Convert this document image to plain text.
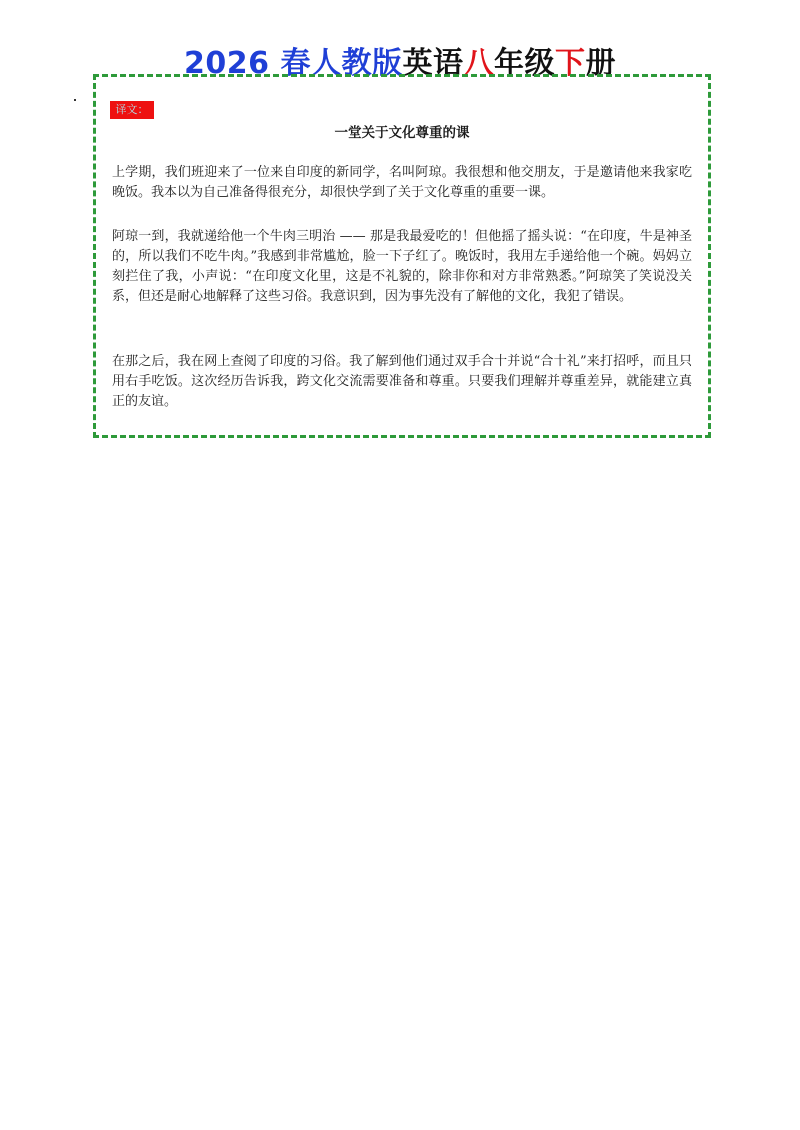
2026 春人教版英语八年级下册
译文：
一堂关于文化尊重的课

上学期，我们班迎来了一位来自印度的新同学，名叫阿琼。我很想和他交朋友，于是邀请他来我家吃晚饭。我本以为自己准备得很充分，却很快学到了关于文化尊重的重要一课。

阿琼一到，我就递给他一个牛肉三明治 —— 那是我最爱吃的！但他摇了摇头说：“在印度，牛是神圣的，所以我们不吃牛肉。”我感到非常尴尬，脸一下子红了。晚饭时，我用左手递给他一个碗。妈妈立刻拦住了我，小声说：“在印度文化里，这是不礼貌的，除非你和对方非常熟悉。”阿琼笑了笑说没关系，但还是耐心地解释了这些习俗。我意识到，因为事先没有了解他的文化，我犯了错误。

在那之后，我在网上查阅了印度的习俗。我了解到他们通过双手合十并说“合十礼”来打招呼，而且只用右手吃饭。这次经历告诉我，跨文化交流需要准备和尊重。只要我们理解并尊重差异，就能建立真正的友谊。
